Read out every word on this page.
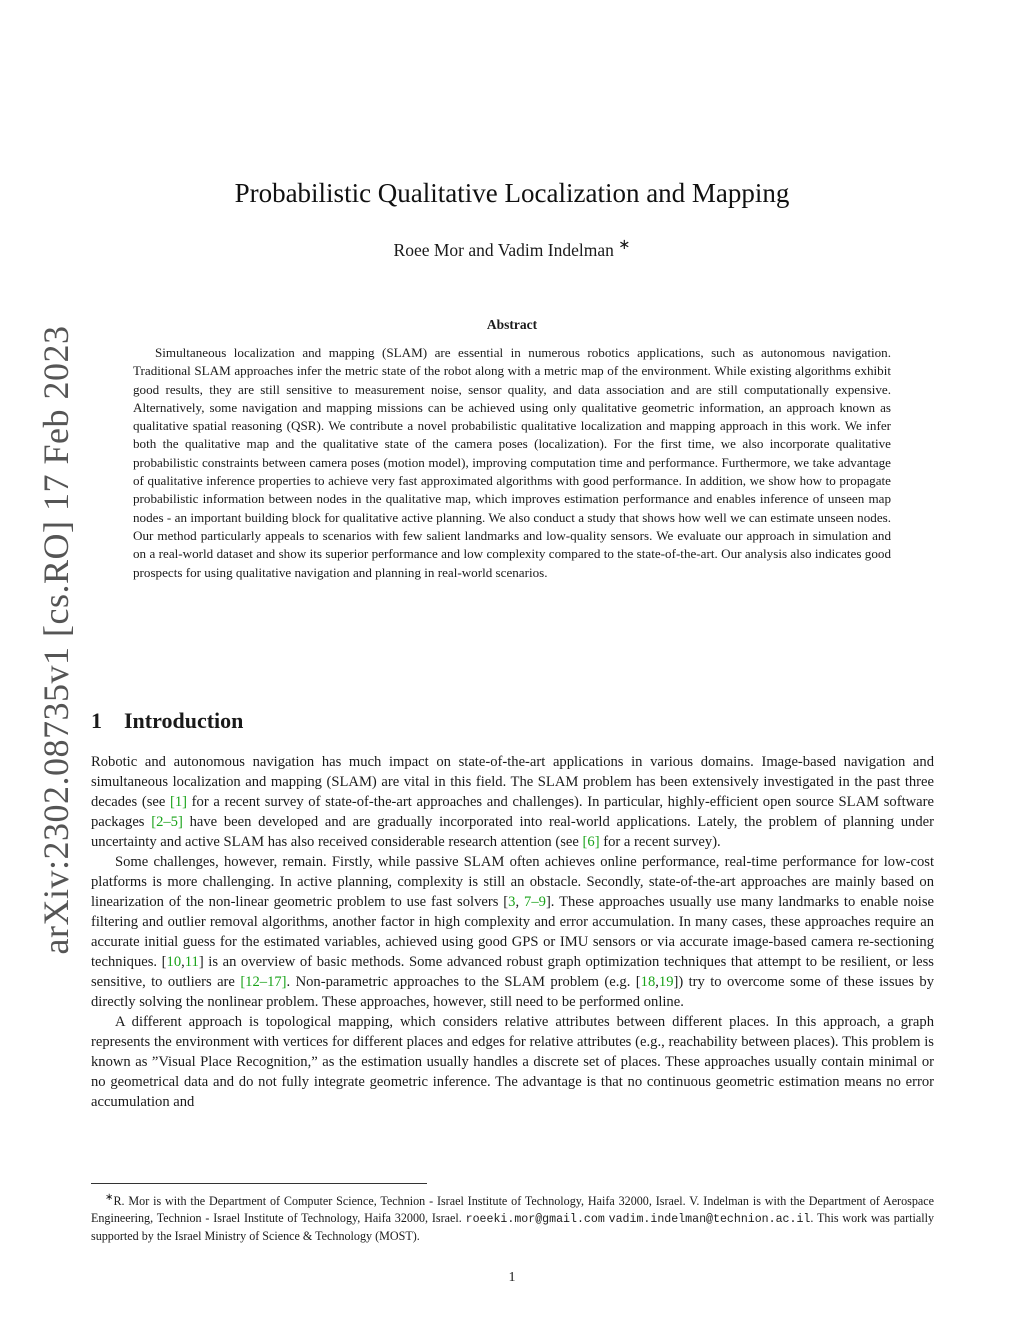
arXiv:2302.08735v1 [cs.RO] 17 Feb 2023
Probabilistic Qualitative Localization and Mapping
Roee Mor and Vadim Indelman ∗
Abstract

Simultaneous localization and mapping (SLAM) are essential in numerous robotics applications, such as autonomous navigation. Traditional SLAM approaches infer the metric state of the robot along with a metric map of the environment. While existing algorithms exhibit good results, they are still sensitive to measurement noise, sensor quality, and data association and are still computationally expensive. Alternatively, some navigation and mapping missions can be achieved using only qualitative geometric information, an approach known as qualitative spatial reasoning (QSR). We contribute a novel probabilistic qualitative localization and mapping approach in this work. We infer both the qualitative map and the qualitative state of the camera poses (localization). For the first time, we also incorporate qualitative probabilistic constraints between camera poses (motion model), improving computation time and performance. Furthermore, we take advantage of qualitative inference properties to achieve very fast approximated algorithms with good performance. In addition, we show how to propagate probabilistic information between nodes in the qualitative map, which improves estimation performance and enables inference of unseen map nodes - an important building block for qualitative active planning. We also conduct a study that shows how well we can estimate unseen nodes. Our method particularly appeals to scenarios with few salient landmarks and low-quality sensors. We evaluate our approach in simulation and on a real-world dataset and show its superior performance and low complexity compared to the state-of-the-art. Our analysis also indicates good prospects for using qualitative navigation and planning in real-world scenarios.

1 Introduction

Robotic and autonomous navigation has much impact on state-of-the-art applications in various domains. Image-based navigation and simultaneous localization and mapping (SLAM) are vital in this field. The SLAM problem has been extensively investigated in the past three decades (see [1] for a recent survey of state-of-the-art approaches and challenges). In particular, highly-efficient open source SLAM software packages [2–5] have been developed and are gradually incorporated into real-world applications. Lately, the problem of planning under uncertainty and active SLAM has also received considerable research attention (see [6] for a recent survey).

Some challenges, however, remain. Firstly, while passive SLAM often achieves online performance, real-time performance for low-cost platforms is more challenging. In active planning, complexity is still an obstacle. Secondly, state-of-the-art approaches are mainly based on linearization of the non-linear geometric problem to use fast solvers [3, 7–9]. These approaches usually use many landmarks to enable noise filtering and outlier removal algorithms, another factor in high complexity and error accumulation. In many cases, these approaches require an accurate initial guess for the estimated variables, achieved using good GPS or IMU sensors or via accurate image-based camera re-sectioning techniques. [10,11] is an overview of basic methods. Some advanced robust graph optimization techniques that attempt to be resilient, or less sensitive, to outliers are [12–17]. Non-parametric approaches to the SLAM problem (e.g. [18,19]) try to overcome some of these issues by directly solving the nonlinear problem. These approaches, however, still need to be performed online.

A different approach is topological mapping, which considers relative attributes between different places. In this approach, a graph represents the environment with vertices for different places and edges for relative attributes (e.g., reachability between places). This problem is known as ”Visual Place Recognition,” as the estimation usually handles a discrete set of places. These approaches usually contain minimal or no geometrical data and do not fully integrate geometric inference. The advantage is that no continuous geometric estimation means no error accumulation and

∗R. Mor is with the Department of Computer Science, Technion - Israel Institute of Technology, Haifa 32000, Israel. V. Indelman is with the Department of Aerospace Engineering, Technion - Israel Institute of Technology, Haifa 32000, Israel. roeeki.mor@gmail.com vadim.indelman@technion.ac.il. This work was partially supported by the Israel Ministry of Science & Technology (MOST).

1
